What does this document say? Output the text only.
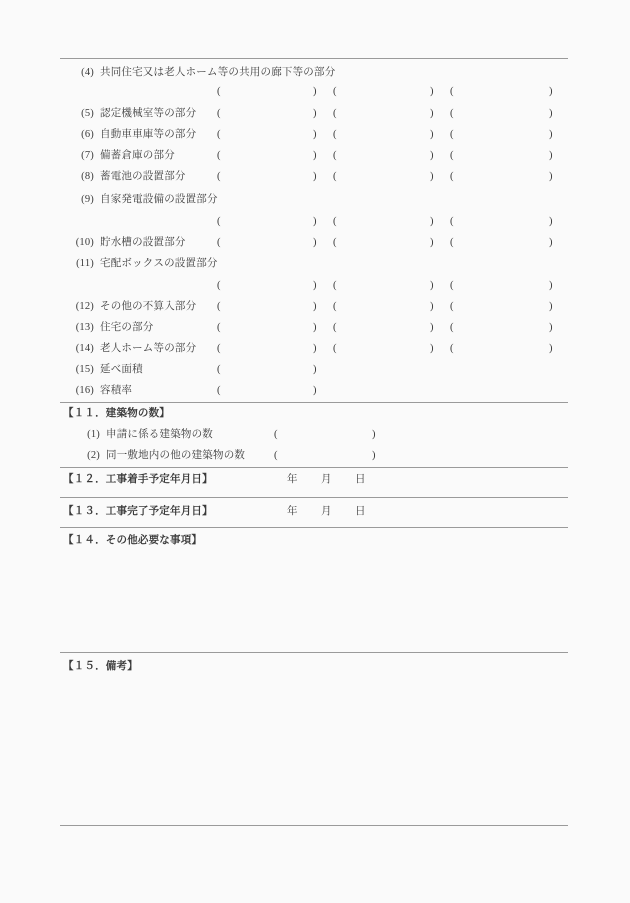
(4) 共同住宅又は老人ホーム等の共用の廊下等の部分
(	) (	) (	)
(5) 認定機械室等の部分 (	) (	) (	)
(6) 自動車車庫等の部分 (	) (	) (	)
(7) 備蓄倉庫の部分	(	) (	) (	)
(8) 蓄電池の設置部分	(	) (	) (	)
(9) 自家発電設備の設置部分
(	) (	) (	)
(10) 貯水槽の設置部分	(	) (	) (	)
(11) 宅配ボックスの設置部分
(	) (	) (	)
(12) その他の不算入部分 (	) (	) (	)
(13) 住宅の部分	(	) (	) (	)
(14) 老人ホーム等の部分 (	) (	) (	)
(15) 延べ面積	(	)
(16) 容積率	(	)
【１１．建築物の数】
(1) 申請に係る建築物の数	(	)
(2) 同一敷地内の他の建築物の数	(	)
【１２．工事着手予定年月日】	年 月 日
【１３．工事完了予定年月日】	年 月 日
【１４．その他必要な事項】
【１５．備考】
